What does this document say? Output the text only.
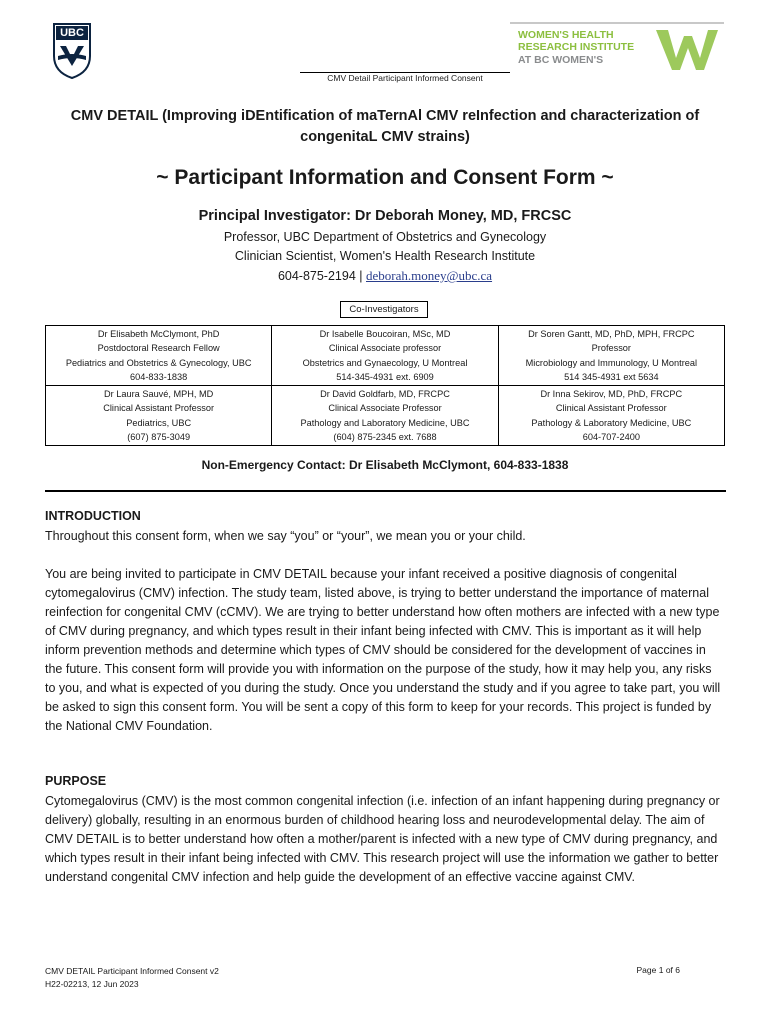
UBC	WOMEN'S HEALTH
RESEARCH INSTITUTE
AT BC WOMEN'S
CMV Detail Participant Informed Consent
CMV DETAIL (Improving iDEntification of maTernAl CMV reInfection and characterization of congenitaL CMV strains)
~ Participant Information and Consent Form ~
Principal Investigator: Dr Deborah Money, MD, FRCSC
Professor, UBC Department of Obstetrics and Gynecology
Clinician Scientist, Women's Health Research Institute
604-875-2194 | deborah.money@ubc.ca
Co-Investigators
Dr Elisabeth McClymont, PhD
Postdoctoral Research Fellow
Pediatrics and Obstetrics & Gynecology, UBC
604-833-1838	Dr Isabelle Boucoiran, MSc, MD
Clinical Associate professor
Obstetrics and Gynaecology, U Montreal
514-345-4931 ext. 6909	Dr Soren Gantt, MD, PhD, MPH, FRCPC
Professor
Microbiology and Immunology, U Montreal
514 345-4931 ext 5634

Dr Laura Sauvé, MPH, MD
Clinical Assistant Professor
Pediatrics, UBC
(607) 875-3049	Dr David Goldfarb, MD, FRCPC
Clinical Associate Professor
Pathology and Laboratory Medicine, UBC
(604) 875-2345 ext. 7688	Dr Inna Sekirov, MD, PhD, FRCPC
Clinical Assistant Professor
Pathology & Laboratory Medicine, UBC
604-707-2400
Non-Emergency Contact: Dr Elisabeth McClymont, 604-833-1838
INTRODUCTION
Throughout this consent form, when we say “you” or “your”, we mean you or your child.
You are being invited to participate in CMV DETAIL because your infant received a positive diagnosis of congenital cytomegalovirus (CMV) infection. The study team, listed above, is trying to better understand the importance of maternal reinfection for congenital CMV (cCMV). We are trying to better understand how often mothers are infected with a new type of CMV during pregnancy, and which types result in their infant being infected with CMV. This is important as it will help inform prevention methods and determine which types of CMV should be considered for the development of vaccines in the future. This consent form will provide you with information on the purpose of the study, how it may help you, any risks to you, and what is expected of you during the study. Once you understand the study and if you agree to take part, you will be asked to sign this consent form. You will be sent a copy of this form to keep for your records. This project is funded by the National CMV Foundation.
PURPOSE
Cytomegalovirus (CMV) is the most common congenital infection (i.e. infection of an infant happening during pregnancy or delivery) globally, resulting in an enormous burden of childhood hearing loss and neurodevelopmental delay. The aim of CMV DETAIL is to better understand how often a mother/parent is infected with a new type of CMV during pregnancy, and which types result in their infant being infected with CMV. This research project will use the information we gather to better understand congenital CMV infection and help guide the development of an effective vaccine against CMV.
CMV DETAIL Participant Informed Consent v2
H22-02213, 12 Jun 2023
Page 1 of 6
